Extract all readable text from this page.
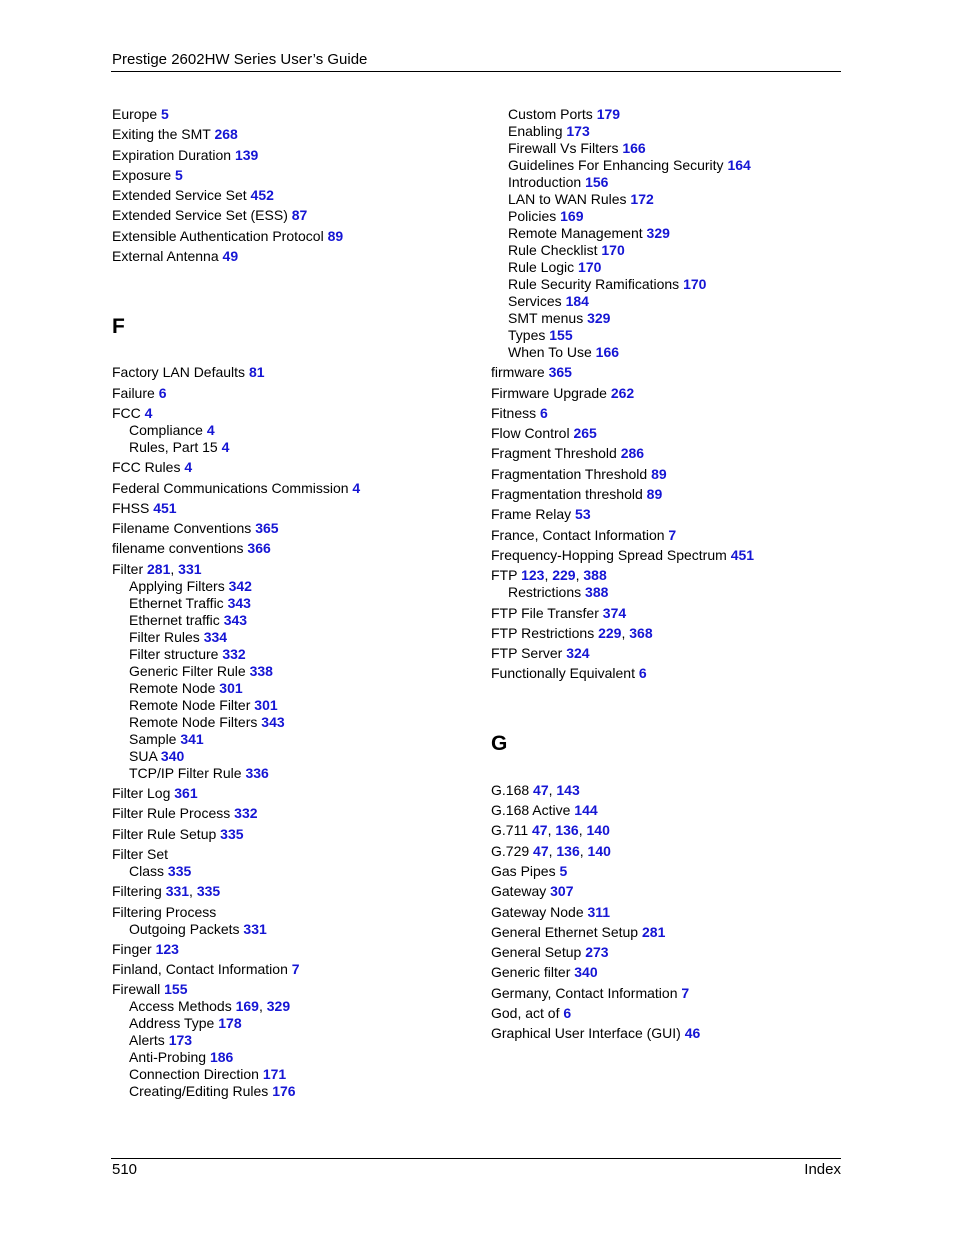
Prestige 2602HW Series User’s Guide
Europe 5
Exiting the SMT 268
Expiration Duration 139
Exposure 5
Extended Service Set 452
Extended Service Set (ESS) 87
Extensible Authentication Protocol 89
External Antenna 49
F
Factory LAN Defaults 81
Failure 6
FCC 4
Compliance 4
Rules, Part 15 4
FCC Rules 4
Federal Communications Commission 4
FHSS 451
Filename Conventions 365
filename conventions 366
Filter 281, 331
Applying Filters 342
Ethernet Traffic 343
Ethernet traffic 343
Filter Rules 334
Filter structure 332
Generic Filter Rule 338
Remote Node 301
Remote Node Filter 301
Remote Node Filters 343
Sample 341
SUA 340
TCP/IP Filter Rule 336
Filter Log 361
Filter Rule Process 332
Filter Rule Setup 335
Filter Set
Class 335
Filtering 331, 335
Filtering Process
Outgoing Packets 331
Finger 123
Finland, Contact Information 7
Firewall 155
Access Methods 169, 329
Address Type 178
Alerts 173
Anti-Probing 186
Connection Direction 171
Creating/Editing Rules 176
Custom Ports 179
Enabling 173
Firewall Vs Filters 166
Guidelines For Enhancing Security 164
Introduction 156
LAN to WAN Rules 172
Policies 169
Remote Management 329
Rule Checklist 170
Rule Logic 170
Rule Security Ramifications 170
Services 184
SMT menus 329
Types 155
When To Use 166
firmware 365
Firmware Upgrade 262
Fitness 6
Flow Control 265
Fragment Threshold 286
Fragmentation Threshold 89
Fragmentation threshold 89
Frame Relay 53
France, Contact Information 7
Frequency-Hopping Spread Spectrum 451
FTP 123, 229, 388
Restrictions 388
FTP File Transfer 374
FTP Restrictions 229, 368
FTP Server 324
Functionally Equivalent 6
G
G.168 47, 143
G.168 Active 144
G.711 47, 136, 140
G.729 47, 136, 140
Gas Pipes 5
Gateway 307
Gateway Node 311
General Ethernet Setup 281
General Setup 273
Generic filter 340
Germany, Contact Information 7
God, act of 6
Graphical User Interface (GUI) 46
510	Index
